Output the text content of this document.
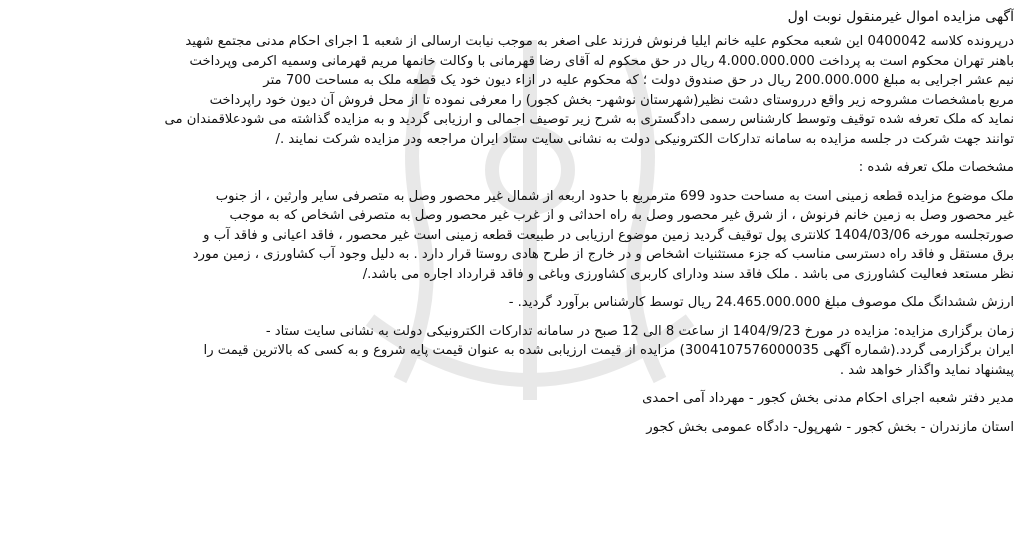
آگهی مزایده اموال غیرمنقول نوبت اول
درپرونده کلاسه 0400042 این شعبه محکوم علیه خانم ایلیا فرنوش فرزند علی اصغر به موجب نیابت ارسالی از شعبه 1 اجرای احکام مدنی مجتمع شهید
باهنر تهران محکوم است به پرداخت 4.000.000.000 ریال در حق محکوم له آقای رضا قهرمانی با وکالت خانمها مریم قهرمانی وسمیه اکرمی وپرداخت
نیم عشر اجرایی به مبلغ 200.000.000 ریال در حق صندوق دولت ؛ که محکوم علیه در ازاء دیون خود یک قطعه ملک به مساحت 700 متر
مربع بامشخصات مشروحه زیر واقع درروستای دشت نظیر(شهرستان نوشهر- بخش کجور) را معرفی نموده تا از محل فروش آن دیون خود راپرداخت
نماید که ملک تعرفه شده توقیف وتوسط کارشناس رسمی دادگستری به شرح زیر توصیف اجمالی و ارزیابی گردید و به مزایده گذاشته می شودعلاقمندان می
توانند جهت شرکت در جلسه مزایده به سامانه تدارکات الکترونیکی دولت به نشانی سایت ستاد ایران مراجعه ودر مزایده شرکت نمایند ./
مشخصات ملک تعرفه شده :
ملک موضوع مزایده قطعه زمینی است به مساحت حدود 699 مترمربع با حدود اربعه از شمال غیر محصور وصل به متصرفی سایر وارثین ، از جنوب
غیر محصور وصل به زمین خانم فرنوش ، از شرق غیر محصور وصل به راه احداثی و از غرب غیر محصور وصل به متصرفی اشخاص که به موجب
صورتجلسه مورخه 1404/03/06 کلانتری پول توقیف گردید زمین موضوع ارزیابی در طبیعت قطعه زمینی است غیر محصور ، فاقد اعیانی و فاقد آب و
برق مستقل و فاقد راه دسترسی مناسب که جزء مستثنیات اشخاص و در خارج از طرح هادی روستا قرار دارد . به دلیل وجود آب کشاورزی ، زمین مورد
نظر مستعد فعالیت کشاورزی می باشد . ملک فاقد سند ودارای کاربری کشاورزی وباغی و فاقد قرارداد اجاره می باشد./
ارزش ششدانگ ملک موصوف مبلغ 24.465.000.000 ریال توسط کارشناس برآورد گردید. -
زمان برگزاری مزایده: مزایده در مورخ 1404/9/23 از ساعت 8 الی 12 صبح در سامانه تدارکات الکترونیکی دولت به نشانی سایت ستاد -
ایران برگزارمی گردد.(شماره آگهی 3004107576000035) مزایده از قیمت ارزیابی شده به عنوان قیمت پایه شروع و به کسی که بالاترین قیمت را
پیشنهاد نماید واگذار خواهد شد .
مدیر دفتر شعبه اجرای احکام مدنی بخش کجور - مهرداد آمی احمدی
استان مازندران - بخش کجور - شهرپول- دادگاه عمومی بخش کجور
